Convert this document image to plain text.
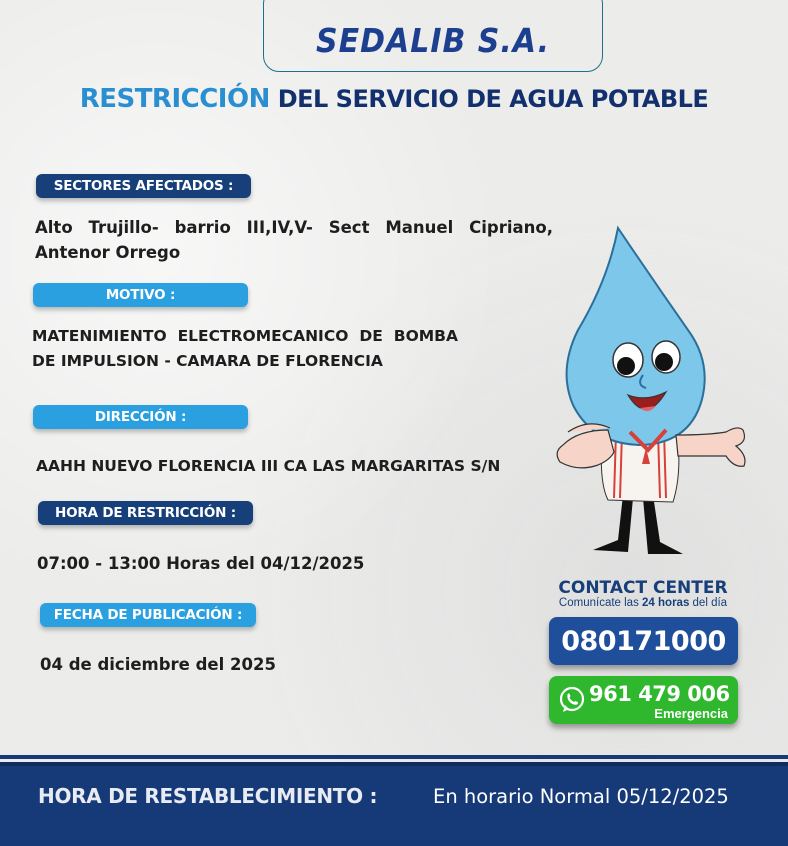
SEDALIB S.A.
RESTRICCIÓN DEL SERVICIO DE AGUA POTABLE
SECTORES AFECTADOS :
Alto Trujillo- barrio III,IV,V- Sect Manuel Cipriano, Antenor Orrego
MOTIVO :
MATENIMIENTO ELECTROMECANICO DE BOMBA DE IMPULSION - CAMARA DE FLORENCIA
DIRECCIÓN :
AAHH NUEVO FLORENCIA III CA LAS MARGARITAS S/N
HORA DE RESTRICCIÓN :
07:00 - 13:00 Horas del 04/12/2025
FECHA DE PUBLICACIÓN :
04 de diciembre del 2025
CONTACT CENTER
Comunícate las 24 horas del día
080171000
961 479 006
Emergencia
HORA DE RESTABLECIMIENTO :	En horario Normal 05/12/2025
